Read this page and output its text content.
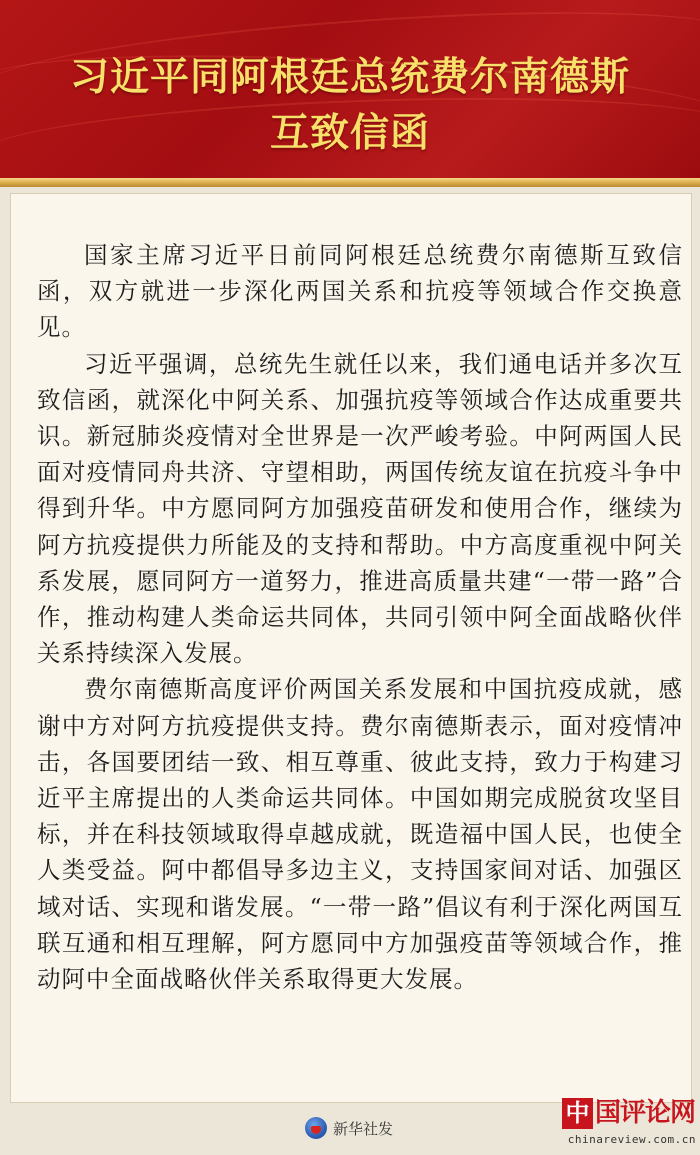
习近平同阿根廷总统费尔南德斯
互致信函

国家主席习近平日前同阿根廷总统费尔南德斯互致信函，双方就进一步深化两国关系和抗疫等领域合作交换意见。

习近平强调，总统先生就任以来，我们通电话并多次互致信函，就深化中阿关系、加强抗疫等领域合作达成重要共识。新冠肺炎疫情对全世界是一次严峻考验。中阿两国人民面对疫情同舟共济、守望相助，两国传统友谊在抗疫斗争中得到升华。中方愿同阿方加强疫苗研发和使用合作，继续为阿方抗疫提供力所能及的支持和帮助。中方高度重视中阿关系发展，愿同阿方一道努力，推进高质量共建“一带一路”合作，推动构建人类命运共同体，共同引领中阿全面战略伙伴关系持续深入发展。

费尔南德斯高度评价两国关系发展和中国抗疫成就，感谢中方对阿方抗疫提供支持。费尔南德斯表示，面对疫情冲击，各国要团结一致、相互尊重、彼此支持，致力于构建习近平主席提出的人类命运共同体。中国如期完成脱贫攻坚目标，并在科技领域取得卓越成就，既造福中国人民，也使全人类受益。阿中都倡导多边主义，支持国家间对话、加强区域对话、实现和谐发展。“一带一路”倡议有利于深化两国互联互通和相互理解，阿方愿同中方加强疫苗等领域合作，推动阿中全面战略伙伴关系取得更大发展。

新华社发
中 国评论网
chinareview.com.cn
